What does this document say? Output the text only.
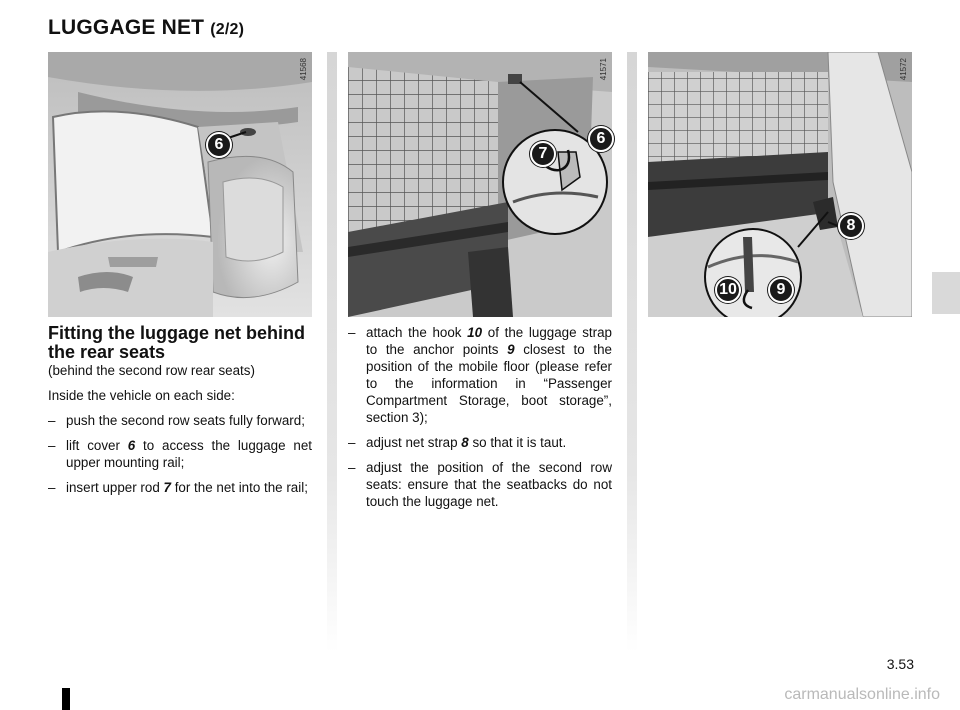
LUGGAGE NET (2/2)
41568
6
41571
7
6
41572
8
10	9
Fitting the luggage net behind the rear seats

(behind the second row rear seats)

Inside the vehicle on each side:

– push the second row seats fully forward;

– lift cover 6 to access the luggage net upper mounting rail;

– insert upper rod 7 for the net into the rail;

– attach the hook 10 of the luggage strap to the anchor points 9 closest to the position of the mobile floor (please refer to the information in “Passenger Compartment Storage, boot storage”, section 3);

– adjust net strap 8 so that it is taut.

– adjust the position of the second row seats: ensure that the seatbacks do not touch the luggage net.

3.53
carmanualsonline.info
